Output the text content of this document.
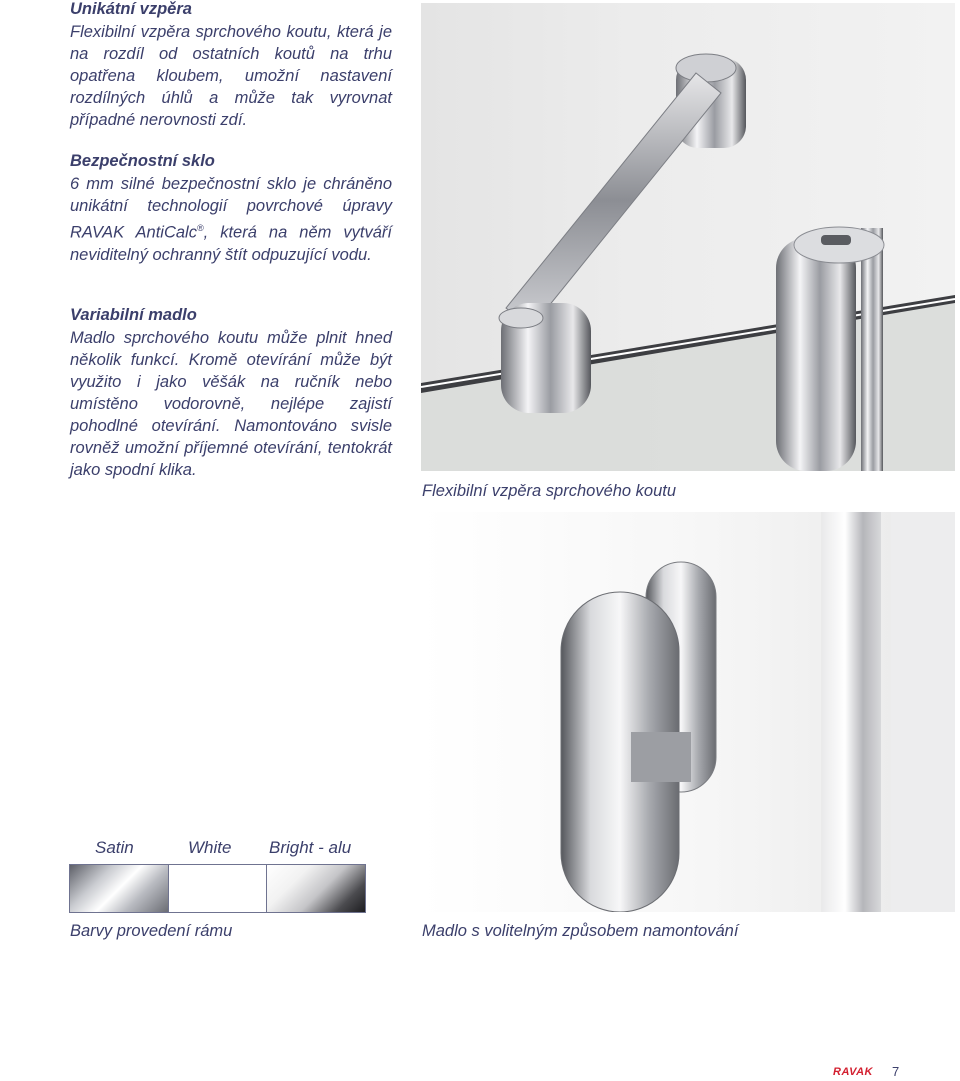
Unikátní vzpěra

Flexibilní vzpěra sprchového koutu, která je na rozdíl od ostatních koutů na trhu opatřena kloubem, umožní nastavení rozdílných úhlů a může tak vyrovnat případné nerovnosti zdí.

Bezpečnostní sklo

6 mm silné bezpečnostní sklo je chráněno unikátní technologií povrchové úpravy RAVAK AntiCalc®, která na něm vytváří neviditelný ochranný štít odpuzující vodu.

Variabilní madlo

Madlo sprchového koutu může plnit hned několik funkcí. Kromě otevírání může být využito i jako věšák na ručník nebo umístěno vodorovně, nejlépe zajistí pohodlné otevírání. Namontováno svisle rovněž umožní příjemné otevírání, tentokrát jako spodní klika.

Flexibilní vzpěra sprchového koutu
Madlo s volitelným způsobem namontování
Satin	White Bright - alu
Barvy provedení rámu
RAVAK 7
